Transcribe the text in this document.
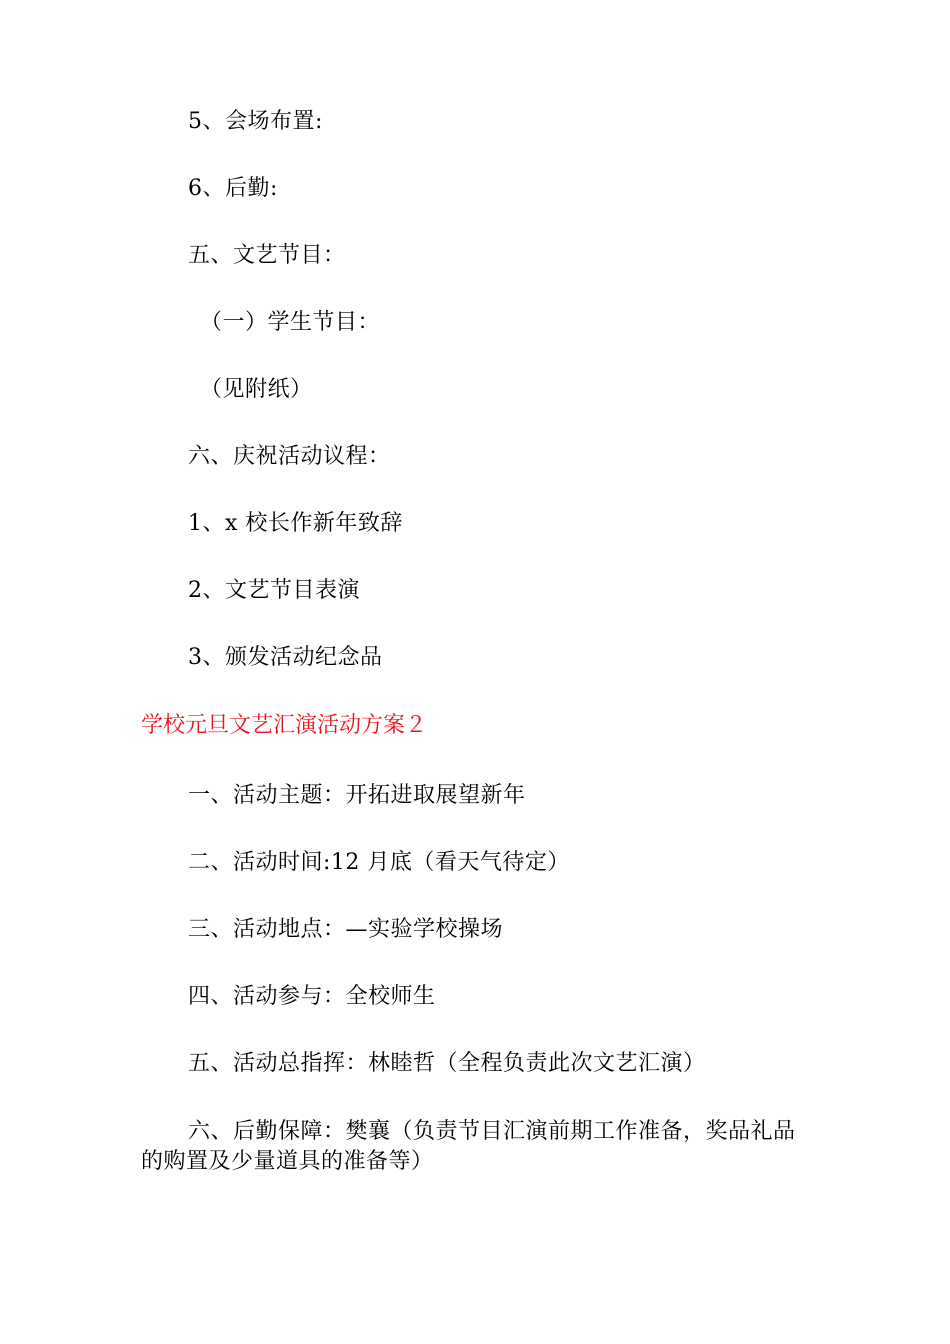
5、会场布置:
6、后勤:
五、文艺节目：
（一）学生节目：
（见附纸）
六、庆祝活动议程：
1、x 校长作新年致辞
2、文艺节目表演
3、颁发活动纪念品
学校元旦文艺汇演活动方案２
一、活动主题：开拓进取展望新年
二、活动时间:12 月底（看天气待定）
三、活动地点：—实验学校操场
四、活动参与：全校师生
五、活动总指挥：林睦哲（全程负责此次文艺汇演）
六、后勤保障：樊襄（负责节目汇演前期工作准备，奖品礼品的购置及少量道具的准备等）
